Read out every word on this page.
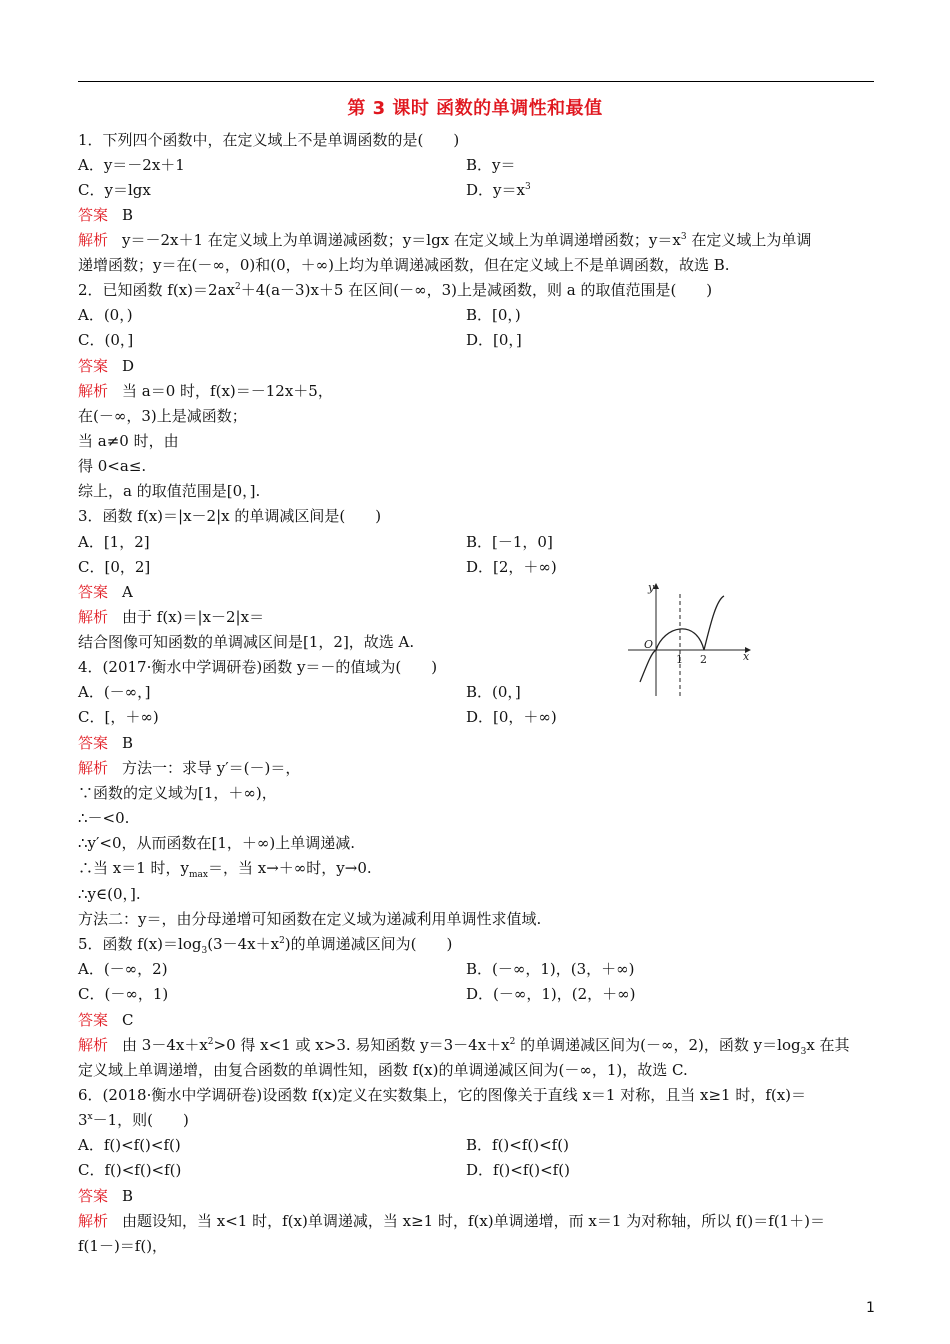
第 3 课时 函数的单调性和最值
1．下列四个函数中，在定义域上不是单调函数的是(　　)
A．y＝－2x＋1	B．y＝
C．y＝lgx	D．$y=x^3$
答案 B
解析 y＝－2x＋1 在定义域上为单调递减函数；y＝lgx 在定义域上为单调递增函数；$y=x^3$ 在定义域上为单调
递增函数；y＝在(－∞，0)和(0，＋∞)上均为单调递减函数，但在定义域上不是单调函数，故选 B.
2．已知函数 $f(x)=2ax^2+4(a-3)x+5$ 在区间(－∞，3)上是减函数，则 a 的取值范围是(　　)
A．(0，)	B．[0，)
C．(0，]	D．[0，]
答案 D
解析 当 a＝0 时，f(x)＝－12x＋5，
在(－∞，3)上是减函数；
当 a≠0 时，由
得 0<a≤.
综上，a 的取值范围是[0，].
3．函数 f(x)＝|x－2|x 的单调减区间是(　　)
A．[1，2]	B．[－1，0]
C．[0，2]	D．[2，＋∞)
答案 A
解析 由于 f(x)＝|x－2|x＝
结合图像可知函数的单调减区间是[1，2]，故选 A.
y
x
O
1 2
4．(2017·衡水中学调研卷)函数 y＝－的值域为(　　)
A．(－∞，]	B．(0，]
C．[，＋∞)	D．[0，＋∞)
答案 B
解析 方法一：求导 y′＝(－)＝，
∵函数的定义域为[1，＋∞)，
∴－<0.
∴y′<0，从而函数在[1，＋∞)上单调递减.
∴当 x＝1 时，$y_{max}=$，当 x→＋∞时，y→0.
∴y∈(0，].
方法二：y＝，由分母递增可知函数在定义域为递减利用单调性求值域.
5．函数 $f(x)=\log_3(3-4x+x^2)$的单调递减区间为(　　)
A．(－∞，2)	B．(－∞，1)，(3，＋∞)
C．(－∞，1)	D．(－∞，1)，(2，＋∞)
答案 C
解析 由 $3-4x+x^2>0$ 得 x<1 或 x>3. 易知函数 $y=3-4x+x^2$ 的单调递减区间为(－∞，2)，函数 $y=\log_3x$ 在其
定义域上单调递增，由复合函数的单调性知，函数 f(x)的单调递减区间为(－∞，1)，故选 C.
6．(2018·衡水中学调研卷)设函数 f(x)定义在实数集上，它的图像关于直线 x＝1 对称，且当 x≥1 时，f(x)＝
$3^x-1$，则(　　)
A．f()<f()<f()	B．f()<f()<f()
C．f()<f()<f()	D．f()<f()<f()
答案 B
解析 由题设知，当 x<1 时，f(x)单调递减，当 x≥1 时，f(x)单调递增，而 x＝1 为对称轴，所以 f()＝f(1＋)＝
f(1－)＝f()，
1
